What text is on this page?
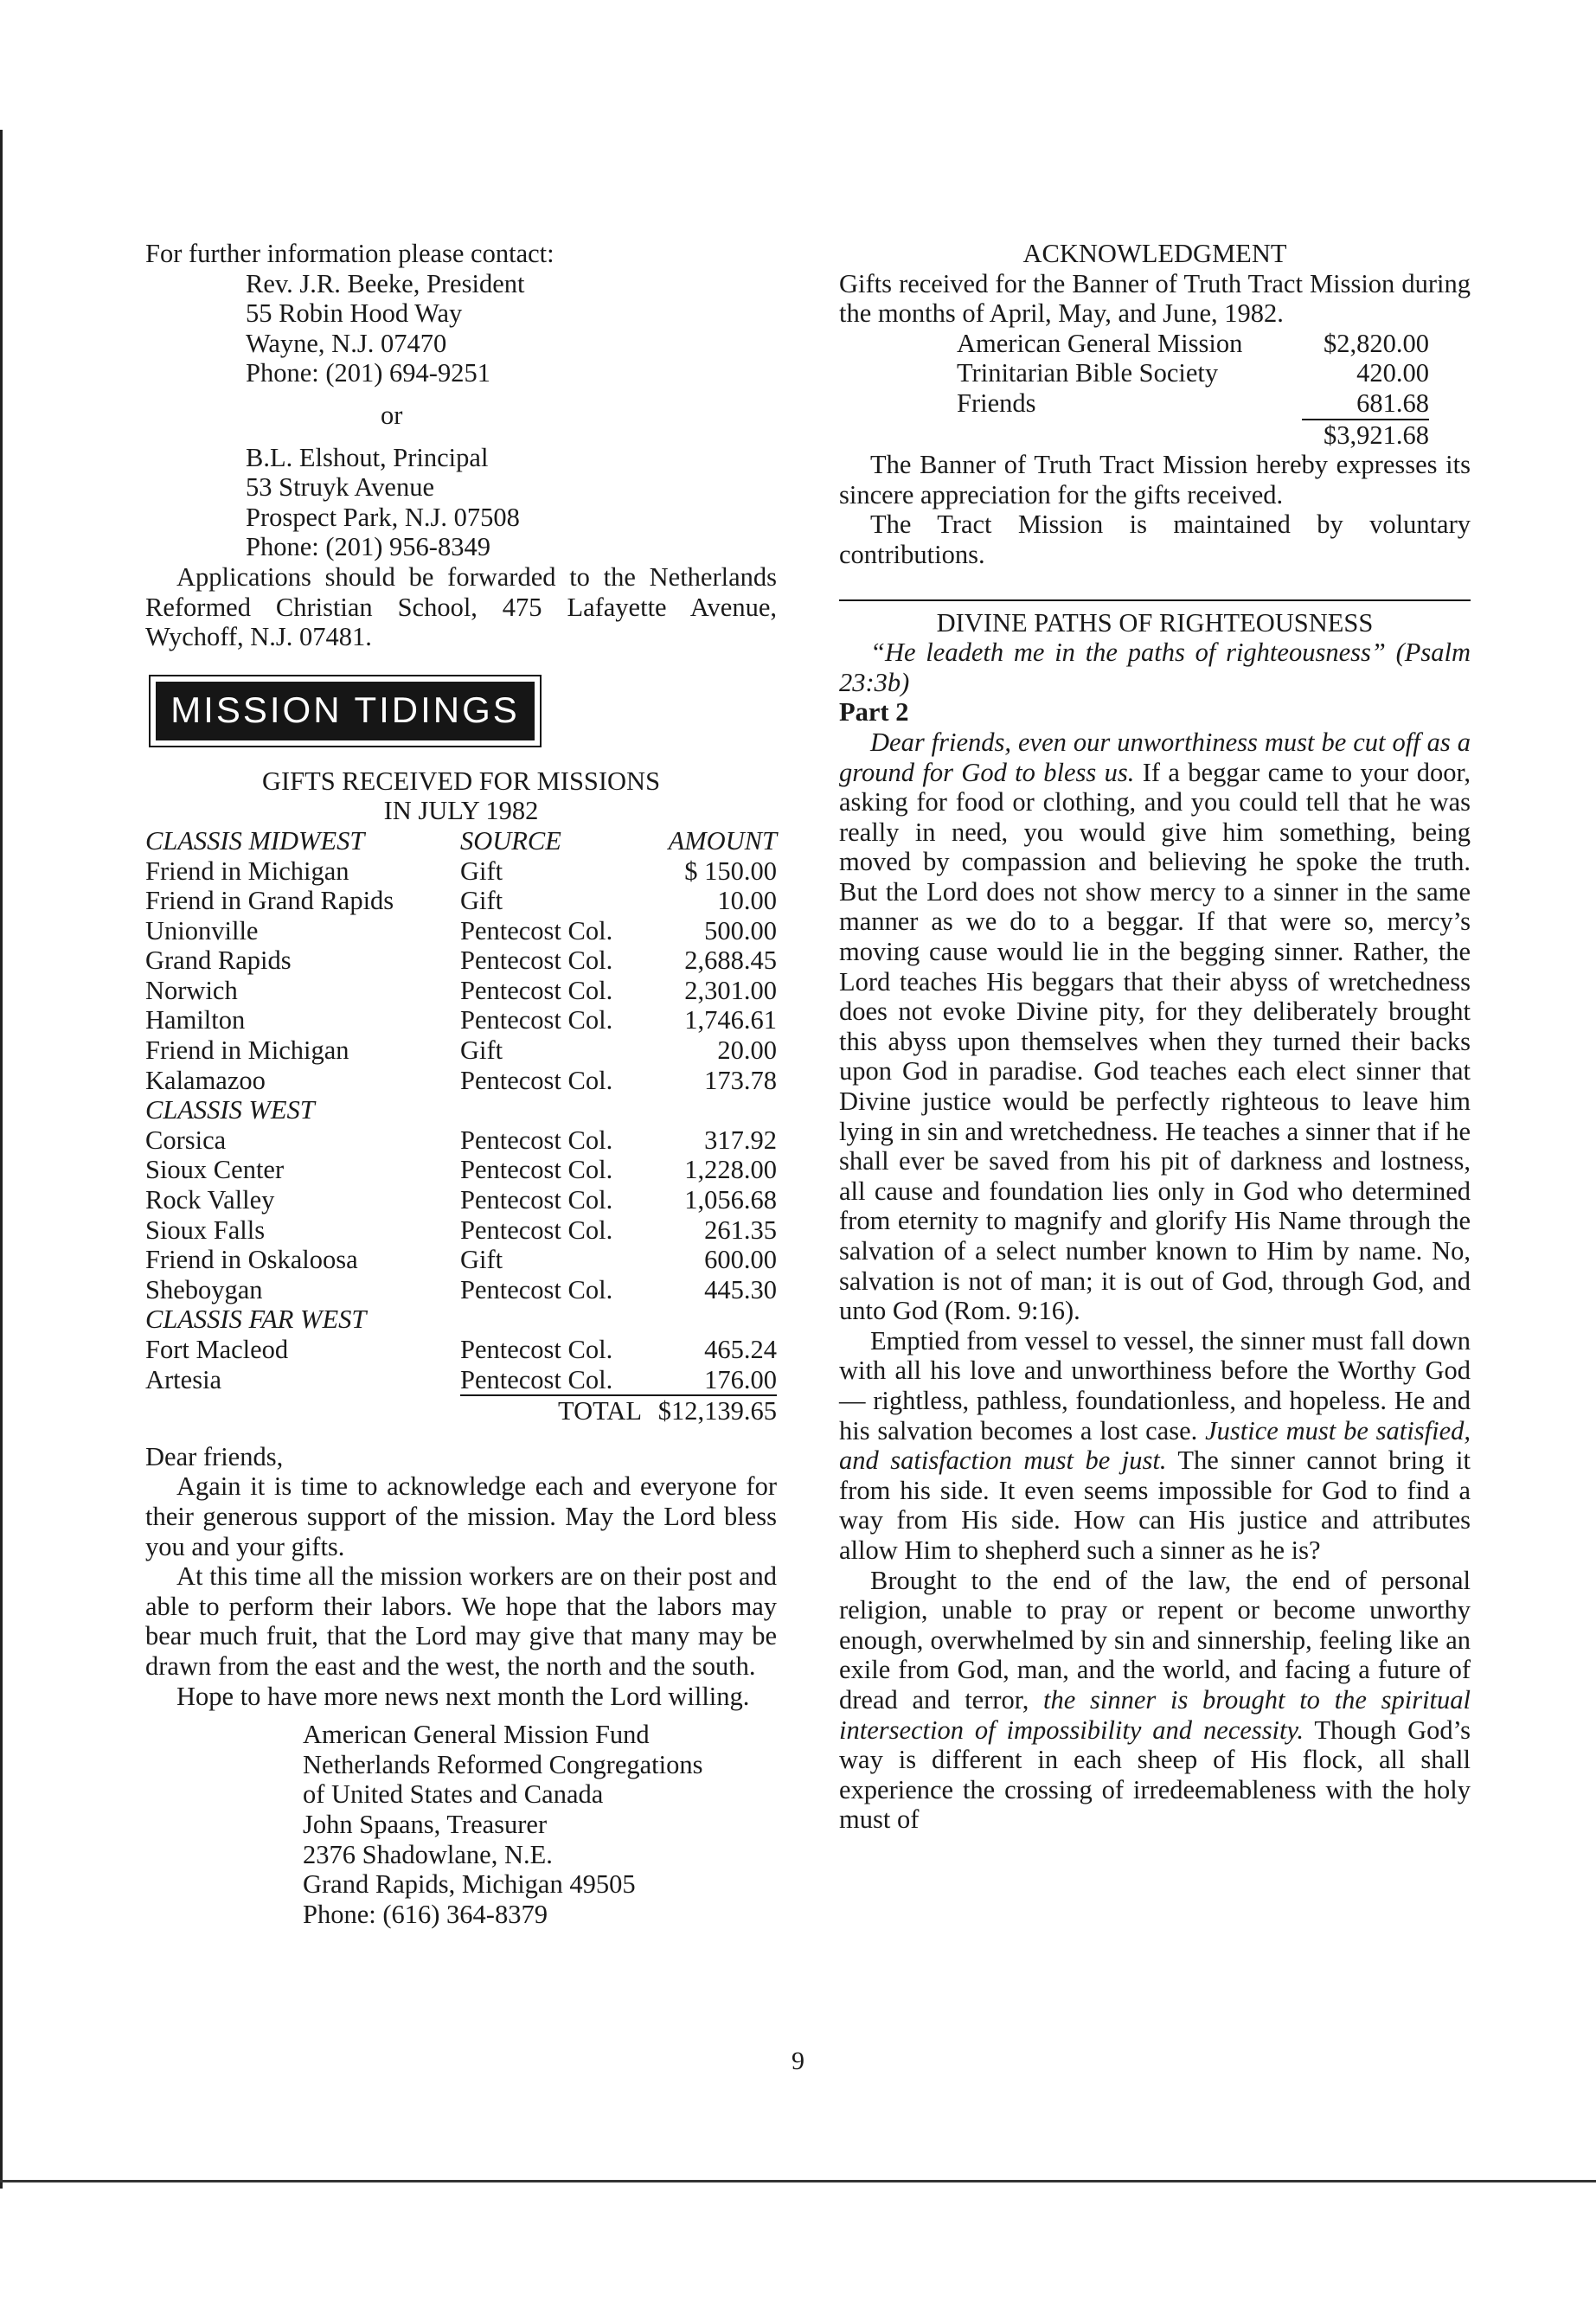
For further information please contact:

Rev. J.R. Beeke, President

55 Robin Hood Way

Wayne, N.J. 07470

Phone: (201) 694-9251

or

B.L. Elshout, Principal

53 Struyk Avenue

Prospect Park, N.J. 07508

Phone: (201) 956-8349

Applications should be forwarded to the Netherlands Reformed Christian School, 475 Lafayette Avenue, Wychoff, N.J. 07481.

MISSION TIDINGS

GIFTS RECEIVED FOR MISSIONS

IN JULY 1982

CLASSIS MIDWEST	SOURCE	AMOUNT
Friend in Michigan	Gift	$ 150.00
Friend in Grand Rapids	Gift	10.00
Unionville	Pentecost Col.	500.00
Grand Rapids	Pentecost Col.	2,688.45
Norwich	Pentecost Col.	2,301.00
Hamilton	Pentecost Col.	1,746.61
Friend in Michigan	Gift	20.00
Kalamazoo	Pentecost Col.	173.78
CLASSIS WEST		
Corsica	Pentecost Col.	317.92
Sioux Center	Pentecost Col.	1,228.00
Rock Valley	Pentecost Col.	1,056.68
Sioux Falls	Pentecost Col.	261.35
Friend in Oskaloosa	Gift	600.00
Sheboygan	Pentecost Col.	445.30
CLASSIS FAR WEST		
Fort Macleod	Pentecost Col.	465.24
Artesia	Pentecost Col.	176.00
	TOTAL	$12,139.65

Dear friends,

Again it is time to acknowledge each and everyone for their generous support of the mission. May the Lord bless you and your gifts.

At this time all the mission workers are on their post and able to perform their labors. We hope that the labors may bear much fruit, that the Lord may give that many may be drawn from the east and the west, the north and the south.

Hope to have more news next month the Lord willing.

American General Mission Fund

Netherlands Reformed Congregations

of United States and Canada

John Spaans, Treasurer

2376 Shadowlane, N.E.

Grand Rapids, Michigan 49505

Phone: (616) 364-8379

ACKNOWLEDGMENT

Gifts received for the Banner of Truth Tract Mission during the months of April, May, and June, 1982.

American General Mission	$2,820.00
Trinitarian Bible Society	420.00
Friends	681.68
	$3,921.68

The Banner of Truth Tract Mission hereby expresses its sincere appreciation for the gifts received.

The Tract Mission is maintained by voluntary contributions.

DIVINE PATHS OF RIGHTEOUSNESS

“He leadeth me in the paths of righteousness” (Psalm 23:3b)

Part 2

Dear friends, even our unworthiness must be cut off as a ground for God to bless us. If a beggar came to your door, asking for food or clothing, and you could tell that he was really in need, you would give him something, being moved by compassion and believing he spoke the truth. But the Lord does not show mercy to a sinner in the same manner as we do to a beggar. If that were so, mercy’s moving cause would lie in the begging sinner. Rather, the Lord teaches His beggars that their abyss of wretchedness does not evoke Divine pity, for they deliberately brought this abyss upon themselves when they turned their backs upon God in paradise. God teaches each elect sinner that Divine justice would be perfectly righteous to leave him lying in sin and wretchedness. He teaches a sinner that if he shall ever be saved from his pit of darkness and lostness, all cause and foundation lies only in God who determined from eternity to magnify and glorify His Name through the salvation of a select number known to Him by name. No, salvation is not of man; it is out of God, through God, and unto God (Rom. 9:16).

Emptied from vessel to vessel, the sinner must fall down with all his love and unworthiness before the Worthy God — rightless, pathless, foundationless, and hopeless. He and his salvation becomes a lost case. Justice must be satisfied, and satisfaction must be just. The sinner cannot bring it from his side. It even seems impossible for God to find a way from His side. How can His justice and attributes allow Him to shepherd such a sinner as he is?

Brought to the end of the law, the end of personal religion, unable to pray or repent or become unworthy enough, overwhelmed by sin and sinnership, feeling like an exile from God, man, and the world, and facing a future of dread and terror, the sinner is brought to the spiritual intersection of impossibility and necessity. Though God’s way is different in each sheep of His flock, all shall experience the crossing of irredeemableness with the holy must of

9
